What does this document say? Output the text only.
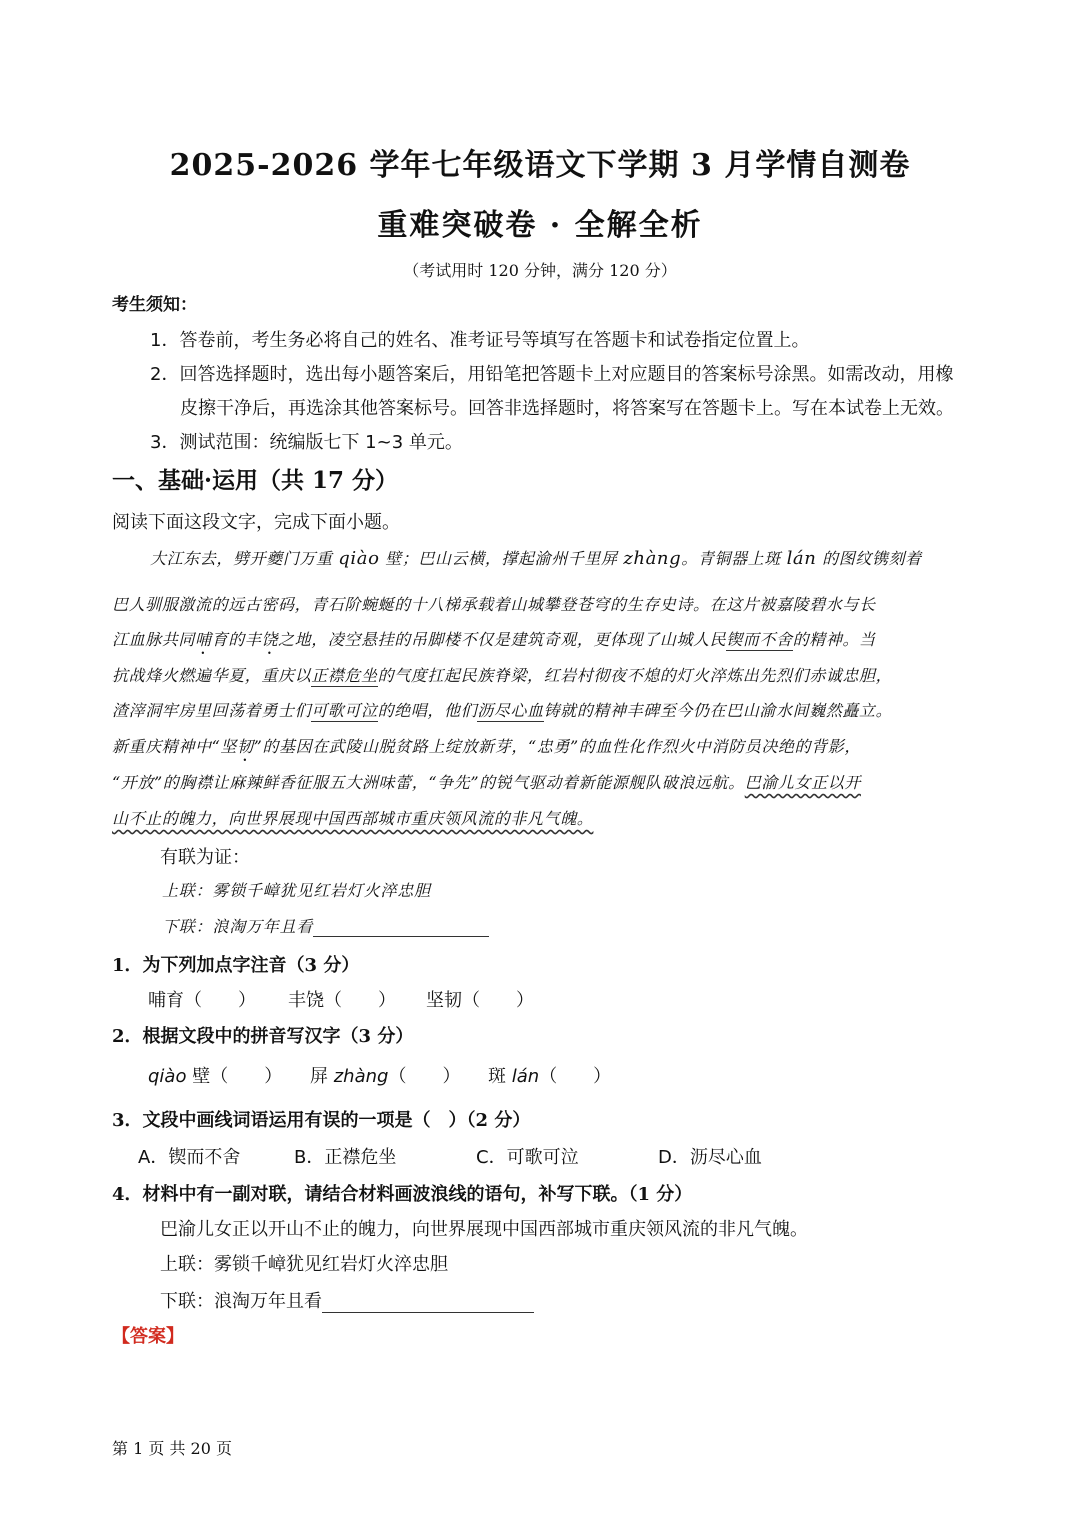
2025-2026 学年七年级语文下学期 3 月学情自测卷
重难突破卷 · 全解全析
（考试用时 120 分钟，满分 120 分）
考生须知：
1．答卷前，考生务必将自己的姓名、准考证号等填写在答题卡和试卷指定位置上。
2．回答选择题时，选出每小题答案后，用铅笔把答题卡上对应题目的答案标号涂黑。如需改动，用橡
皮擦干净后，再选涂其他答案标号。回答非选择题时，将答案写在答题卡上。写在本试卷上无效。
3．测试范围：统编版七下 1~3 单元。
一、基础·运用（共 17 分）
阅读下面这段文字，完成下面小题。
大江东去，劈开夔门万重 qiào 壁；巴山云横，撑起渝州千里屏 zhàng。青铜器上斑 lán 的图纹镌刻着
巴人驯服激流的远古密码，青石阶蜿蜒的十八梯承载着山城攀登苍穹的生存史诗。在这片被嘉陵碧水与长
江血脉共同哺育的丰饶之地，凌空悬挂的吊脚楼不仅是建筑奇观，更体现了山城人民锲而不舍的精神。当
抗战烽火燃遍华夏，重庆以正襟危坐的气度扛起民族脊梁，红岩村彻夜不熄的灯火淬炼出先烈们赤诚忠胆，
渣滓洞牢房里回荡着勇士们可歌可泣的绝唱，他们沥尽心血铸就的精神丰碑至今仍在巴山渝水间巍然矗立。
新重庆精神中“坚韧”的基因在武陵山脱贫路上绽放新芽，“忠勇”的血性化作烈火中消防员决绝的背影，
“开放”的胸襟让麻辣鲜香征服五大洲味蕾，“争先”的锐气驱动着新能源舰队破浪远航。巴渝儿女正以开
山不止的魄力，向世界展现中国西部城市重庆领风流的非凡气魄。
有联为证：
上联：雾锁千嶂犹见红岩灯火淬忠胆
下联：浪淘万年且看
1．为下列加点字注音（3 分）
哺育（　　） 丰饶（　　） 坚韧（　　）
2．根据文段中的拼音写汉字（3 分）
qiào 壁（　　） 屏 zhàng（　　） 斑 lán（　　）
3．文段中画线词语运用有误的一项是（　）（2 分）
A．锲而不舍	B．正襟危坐	C．可歌可泣	D．沥尽心血
4．材料中有一副对联，请结合材料画波浪线的语句，补写下联。（1 分）
巴渝儿女正以开山不止的魄力，向世界展现中国西部城市重庆领风流的非凡气魄。
上联：雾锁千嶂犹见红岩灯火淬忠胆
下联：浪淘万年且看
【答案】
第 1 页 共 20 页
